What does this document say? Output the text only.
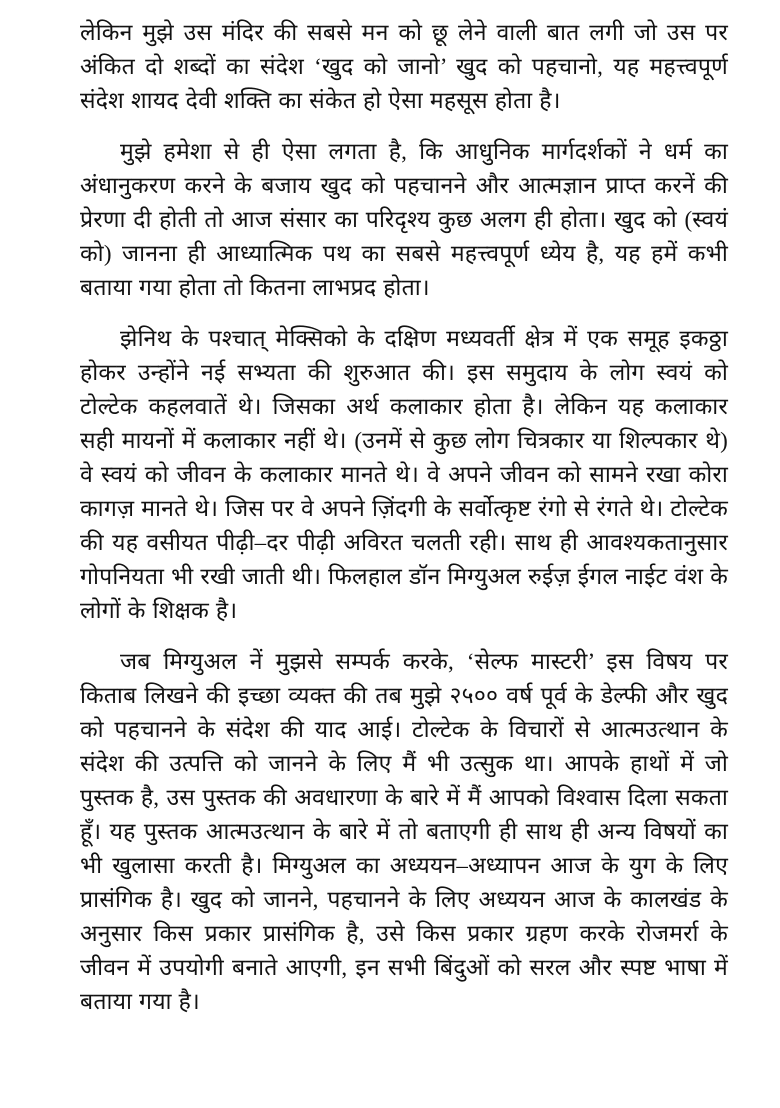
लेकिन मुझे उस मंदिर की सबसे मन को छू लेने वाली बात लगी जो उस पर अंकित दो शब्दों का संदेश ‘खुद को जानो’ खुद को पहचानो, यह महत्त्वपूर्ण संदेश शायद देवी शक्ति का संकेत हो ऐसा महसूस होता है।

मुझे हमेशा से ही ऐसा लगता है, कि आधुनिक मार्गदर्शकों ने धर्म का अंधानुकरण करने के बजाय खुद को पहचानने और आत्मज्ञान प्राप्त करनें की प्रेरणा दी होती तो आज संसार का परिदृश्य कुछ अलग ही होता। खुद को (स्वयं को) जानना ही आध्यात्मिक पथ का सबसे महत्त्वपूर्ण ध्येय है, यह हमें कभी बताया गया होता तो कितना लाभप्रद होता।

झेनिथ के पश्चात् मेक्सिको के दक्षिण मध्यवर्ती क्षेत्र में एक समूह इकठ्ठा होकर उन्होंने नई सभ्यता की शुरुआत की। इस समुदाय के लोग स्वयं को टोल्टेक कहलवातें थे। जिसका अर्थ कलाकार होता है। लेकिन यह कलाकार सही मायनों में कलाकार नहीं थे। (उनमें से कुछ लोग चित्रकार या शिल्पकार थे) वे स्वयं को जीवन के कलाकार मानते थे। वे अपने जीवन को सामने रखा कोरा कागज़ मानते थे। जिस पर वे अपने ज़िंदगी के सर्वोत्कृष्ट रंगो से रंगते थे। टोल्टेक की यह वसीयत पीढ़ी–दर पीढ़ी अविरत चलती रही। साथ ही आवश्यकतानुसार गोपनियता भी रखी जाती थी। फिलहाल डॉन मिग्युअल रुईज़ ईगल नाईट वंश के लोगों के शिक्षक है।

जब मिग्युअल नें मुझसे सम्पर्क करके, ‘सेल्फ मास्टरी’ इस विषय पर किताब लिखने की इच्छा व्यक्त की तब मुझे २५०० वर्ष पूर्व के डेल्फी और खुद को पहचानने के संदेश की याद आई। टोल्टेक के विचारों से आत्मउत्थान के संदेश की उत्पत्ति को जानने के लिए मैं भी उत्सुक था। आपके हाथों में जो पुस्तक है, उस पुस्तक की अवधारणा के बारे में मैं आपको विश्वास दिला सकता हूँ। यह पुस्तक आत्मउत्थान के बारे में तो बताएगी ही साथ ही अन्य विषयों का भी खुलासा करती है। मिग्युअल का अध्ययन–अध्यापन आज के युग के लिए प्रासंगिक है। खुद को जानने, पहचानने के लिए अध्ययन आज के कालखंड के अनुसार किस प्रकार प्रासंगिक है, उसे किस प्रकार ग्रहण करके रोजमर्रा के जीवन में उपयोगी बनाते आएगी, इन सभी बिंदुओं को सरल और स्पष्ट भाषा में बताया गया है।
